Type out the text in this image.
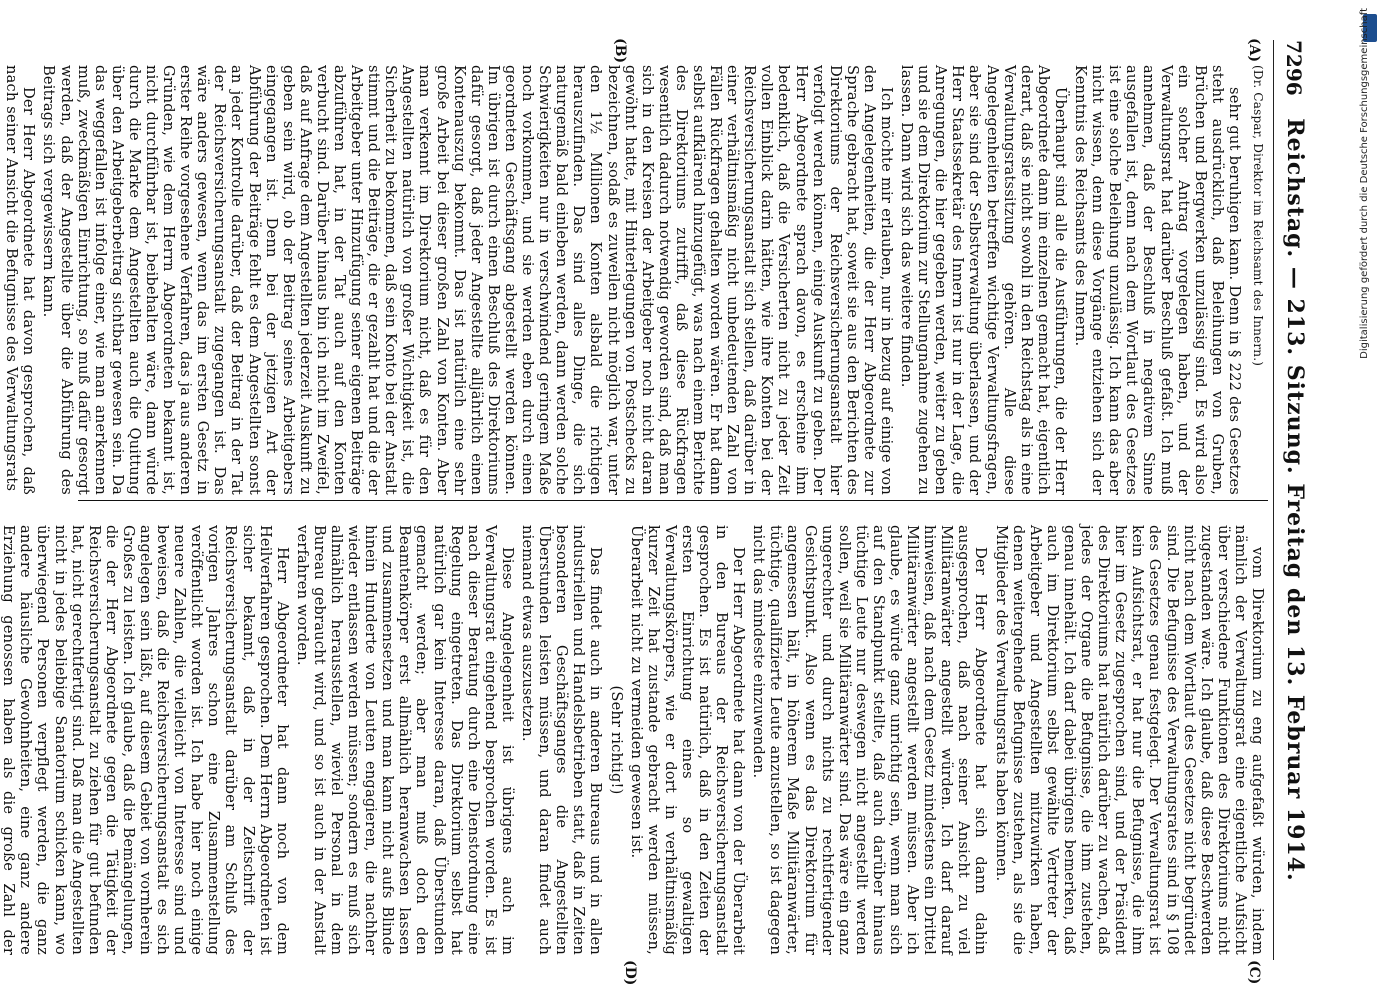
7296
Reichstag. — 213. Sitzung. Freitag den 13. Februar 1914.
(A)
(B)
(C)
(D)

(Dr. Caspar, Direktor im Reichsamt des Innern.)

sehr gut beruhigen kann. Denn in § 222 des Gesetzes steht ausdrücklich, daß Beleihungen von Gruben, Brüchen und Bergwerken unzulässig sind. Es wird also ein solcher Antrag vorgelegen haben, und der Verwaltungsrat hat darüber Beschluß gefaßt. Ich muß annehmen, daß der Beschluß in negativem Sinne ausgefallen ist, denn nach dem Wortlaut des Gesetzes ist eine solche Beleihung unzulässig. Ich kann das aber nicht wissen, denn diese Vorgänge entziehen sich der Kenntnis des Reichsamts des Innern.

Überhaupt sind alle die Ausführungen, die der Herr Abgeordnete dann im einzelnen gemacht hat, eigentlich derart, daß sie nicht sowohl in den Reichstag als in eine Verwaltungsratssitzung gehören. Alle diese Angelegenheiten betreffen wichtige Verwaltungsfragen, aber sie sind der Selbstverwaltung überlassen, und der Herr Staatssekretär des Innern ist nur in der Lage, die Anregungen, die hier gegeben werden, weiter zu geben und sie dem Direktorium zur Stellungnahme zugehen zu lassen. Dann wird sich das weitere finden.

Ich möchte mir erlauben, nur in bezug auf einige von den Angelegenheiten, die der Herr Abgeordnete zur Sprache gebracht hat, soweit sie aus den Berichten des Direktoriums der Reichsversicherungsanstalt hier verfolgt werden können, einige Auskunft zu geben. Der Herr Abgeordnete sprach davon, es erscheine ihm bedenklich, daß die Versicherten nicht zu jeder Zeit vollen Einblick darin hätten, wie ihre Konten bei der Reichsversicherungsanstalt sich stellen, daß darüber in einer verhältnismäßig nicht unbedeutenden Zahl von Fällen Rückfragen gehalten worden wären. Er hat dann selbst aufklärend hinzugefügt, was nach einem Berichte des Direktoriums zutrifft, daß diese Rückfragen wesentlich dadurch notwendig geworden sind, daß man sich in den Kreisen der Arbeitgeber noch nicht daran gewöhnt hatte, mit Hinterlegungen von Postschecks zu bezeichnen, sodaß es zuweilen nicht möglich war, unter den 1½ Millionen Konten alsbald die richtigen herauszufinden. Das sind alles Dinge, die sich naturgemäß bald einleben werden, dann werden solche Schwierigkeiten nur in verschwindend geringem Maße noch vorkommen, und sie werden eben durch einen geordneten Geschäftsgang abgestellt werden können. Im übrigen ist durch einen Beschluß des Direktoriums dafür gesorgt, daß jeder Angestellte alljährlich einen Kontenauszug bekommt. Das ist natürlich eine sehr große Arbeit bei dieser großen Zahl von Konten. Aber man verkennt im Direktorium nicht, daß es für den Angestellten natürlich von großer Wichtigkeit ist, die Sicherheit zu bekommen, daß sein Konto bei der Anstalt stimmt und die Beiträge, die er gezahlt hat und die der Arbeitgeber unter Hinzufügung seiner eigenen Beiträge abzuführen hat, in der Tat auch auf den Konten verbucht sind. Darüber hinaus bin ich nicht im Zweifel, daß auf Anfrage dem Angestellten jederzeit Auskunft zu geben sein wird, ob der Beitrag seines Arbeitgebers eingegangen ist. Denn bei der jetzigen Art der Abführung der Beiträge fehlt es dem Angestellten sonst an jeder Kontrolle darüber, daß der Beitrag in der Tat der Reichsversicherungsanstalt zugegangen ist. Das wäre anders gewesen, wenn das im ersten Gesetz in erster Reihe vorgesehene Verfahren, das ja aus anderen Gründen, wie dem Herrn Abgeordneten bekannt ist, nicht durchführbar ist, beibehalten wäre, dann würde durch die Marke dem Angestellten auch die Quittung über den Arbeitgeberbeitrag sichtbar gewesen sein. Da das weggefallen ist infolge einer, wie man anerkennen muß, zweckmäßigen Einrichtung, so muß dafür gesorgt werden, daß der Angestellte über die Abführung des Beitrags sich vergewissern kann.

Der Herr Abgeordnete hat davon gesprochen, daß nach seiner Ansicht die Befugnisse des Verwaltungsrats

vom Direktorium zu eng aufgefaßt würden, indem nämlich der Verwaltungsrat eine eigentliche Aufsicht über verschiedene Funktionen des Direktoriums nicht zugestanden wäre. Ich glaube, daß diese Beschwerden nicht nach dem Wortlaut des Gesetzes nicht begründet sind. Die Befugnisse des Verwaltungsrates sind in § 108 des Gesetzes genau festgelegt. Der Verwaltungsrat ist kein Aufsichtsrat, er hat nur die Befugnisse, die ihm hier im Gesetz zugesprochen sind, und der Präsident des Direktoriums hat natürlich darüber zu wachen, daß jedes der Organe die Befugnisse, die ihm zustehen, genau innehält. Ich darf dabei übrigens bemerken, daß auch im Direktorium selbst gewählte Vertreter der Arbeitgeber und Angestellten mitzuwirken haben, denen weitergehende Befugnisse zustehen, als sie die Mitglieder des Verwaltungsrats haben können.

Der Herr Abgeordnete hat sich dann dahin ausgesprochen, daß nach seiner Ansicht zu viel Militäranwärter angestellt würden. Ich darf darauf hinweisen, daß nach dem Gesetz mindestens ein Drittel Militäranwärter angestellt werden müssen. Aber ich glaube, es würde ganz unrichtig sein, wenn man sich auf den Standpunkt stellte, daß auch darüber hinaus tüchtige Leute nur deswegen nicht angestellt werden sollen, weil sie Militäranwärter sind. Das wäre ein ganz ungerechter und durch nichts zu rechtfertigender Gesichtspunkt. Also wenn es das Direktorium für angemessen hält, in höherem Maße Militäranwärter, tüchtige, qualifizierte Leute anzustellen, so ist dagegen nicht das mindeste einzuwenden.

Der Herr Abgeordnete hat dann von der Überarbeit in den Bureaus der Reichsversicherungsanstalt gesprochen. Es ist natürlich, daß in den Zeiten der ersten Einrichtung eines so gewaltigen Verwaltungskörpers, wie er dort in verhältnismäßig kurzer Zeit hat zustande gebracht werden müssen, Überarbeit nicht zu vermeiden gewesen ist.

(Sehr richtig!)

Das findet auch in anderen Bureaus und in allen industriellen und Handelsbetrieben statt, daß in Zeiten besonderen Geschäftsganges die Angestellten Überstunden leisten müssen, und daran findet auch niemand etwas auszusetzen.

Diese Angelegenheit ist übrigens auch im Verwaltungsrat eingehend besprochen worden. Es ist nach dieser Beratung durch eine Dienstordnung eine Regelung eingetreten. Das Direktorium selbst hat natürlich gar kein Interesse daran, daß Überstunden gemacht werden; aber man muß doch den Beamtenkörper erst allmählich heranwachsen lassen und zusammensetzen und man kann nicht aufs Blinde hinein Hunderte von Leuten engagieren, die nachher wieder entlassen werden müssen; sondern es muß sich allmählich herausstellen, wieviel Personal in dem Bureau gebraucht wird, und so ist auch in der Anstalt verfahren worden.

Herr Abgeordneter hat dann noch von dem Heilverfahren gesprochen. Dem Herrn Abgeordneten ist sicher bekannt, daß in der Zeitschrift der Reichsversicherungsanstalt darüber am Schluß des vorigen Jahres schon eine Zusammenstellung veröffentlicht worden ist. Ich habe hier noch einige neuere Zahlen, die vielleicht von Interesse sind und beweisen, daß die Reichsversicherungsanstalt es sich angelegen sein läßt, auf diesem Gebiet von vornherein Großes zu leisten. Ich glaube, daß die Bemängelungen, die der Herr Abgeordnete gegen die Tätigkeit der Reichsversicherungsanstalt zu ziehen für gut befunden hat, nicht gerechtfertigt sind. Daß man die Angestellten nicht in jedes beliebige Sanatorium schicken kann, wo überwiegend Personen verpflegt werden, die ganz andere häusliche Gewohnheiten, eine ganz andere Erziehung genossen haben als die große Zahl der

Digitalisierung gefördert durch die Deutsche Forschungsgemeinschaft
